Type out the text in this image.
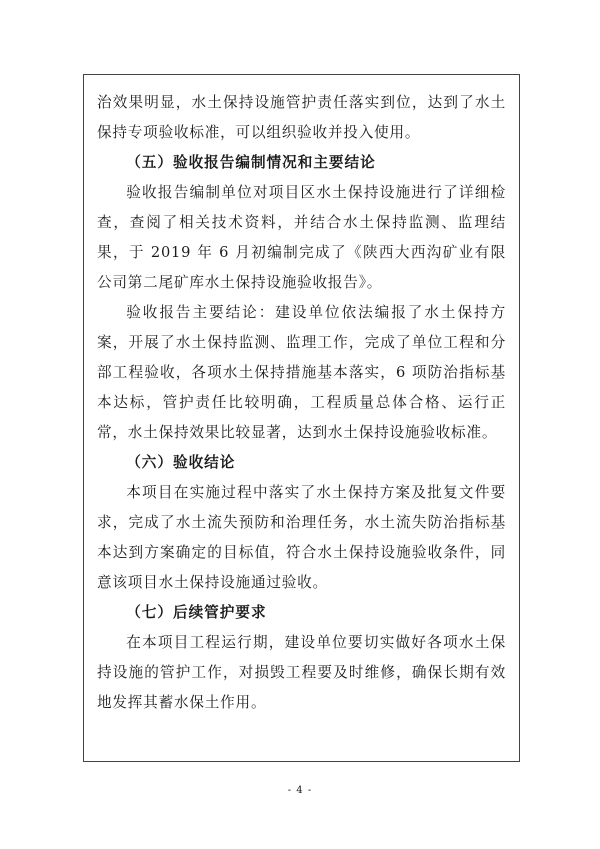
治效果明显，水土保持设施管护责任落实到位，达到了水土保持专项验收标准，可以组织验收并投入使用。

（五）验收报告编制情况和主要结论

验收报告编制单位对项目区水土保持设施进行了详细检查，查阅了相关技术资料，并结合水土保持监测、监理结果，于 2019 年 6 月初编制完成了《陕西大西沟矿业有限公司第二尾矿库水土保持设施验收报告》。

验收报告主要结论：建设单位依法编报了水土保持方案，开展了水土保持监测、监理工作，完成了单位工程和分部工程验收，各项水土保持措施基本落实，6 项防治指标基本达标，管护责任比较明确，工程质量总体合格、运行正常，水土保持效果比较显著，达到水土保持设施验收标准。

（六）验收结论

本项目在实施过程中落实了水土保持方案及批复文件要求，完成了水土流失预防和治理任务，水土流失防治指标基本达到方案确定的目标值，符合水土保持设施验收条件，同意该项目水土保持设施通过验收。

（七）后续管护要求

在本项目工程运行期，建设单位要切实做好各项水土保持设施的管护工作，对损毁工程要及时维修，确保长期有效地发挥其蓄水保土作用。

- 4 -
